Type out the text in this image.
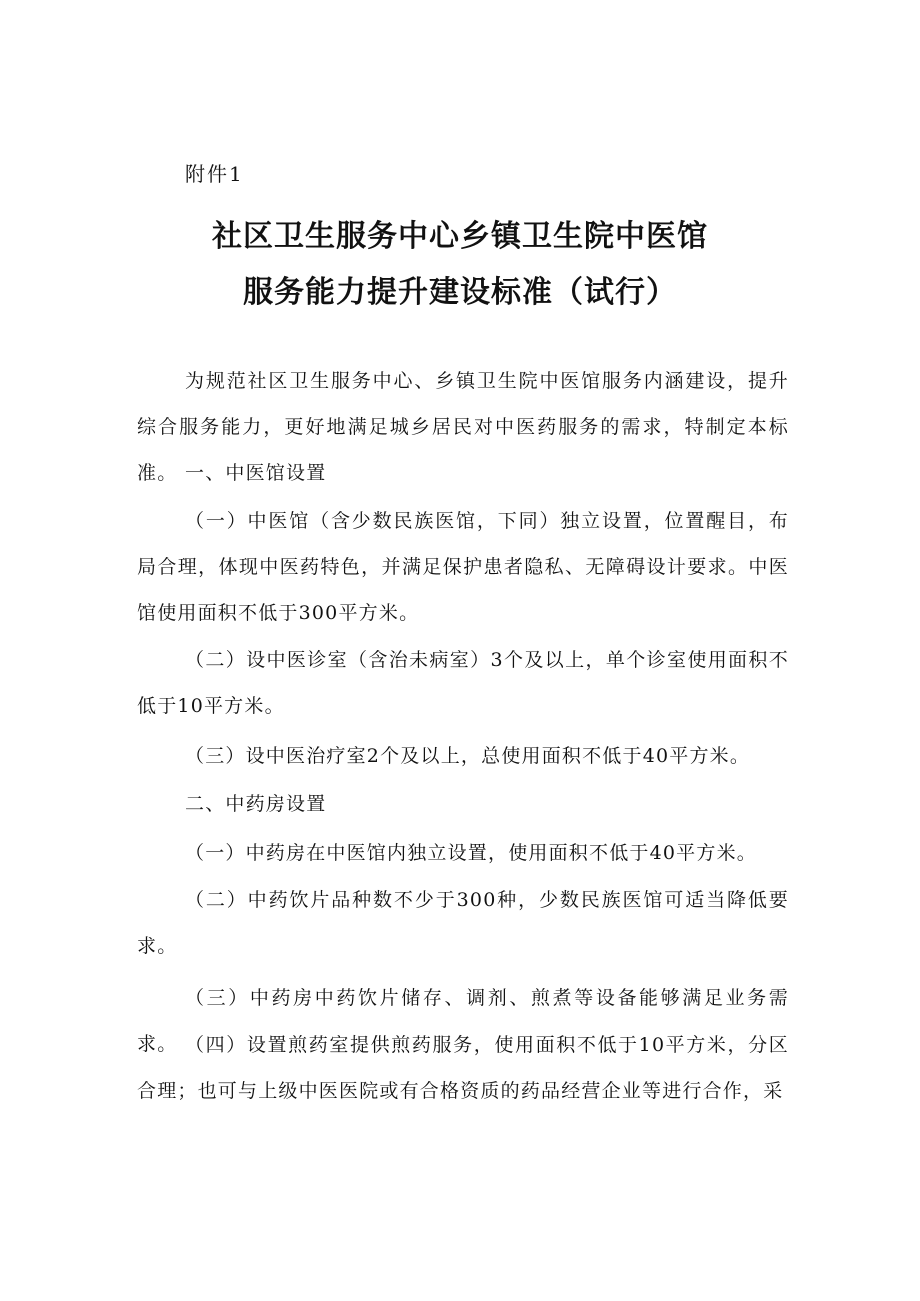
附件1
社区卫生服务中心乡镇卫生院中医馆
服务能力提升建设标准（试行）

为规范社区卫生服务中心、乡镇卫生院中医馆服务内涵建设，提升综合服务能力，更好地满足城乡居民对中医药服务的需求，特制定本标准。 一、中医馆设置

（一）中医馆（含少数民族医馆，下同）独立设置，位置醒目，布局合理，体现中医药特色，并满足保护患者隐私、无障碍设计要求。中医馆使用面积不低于300平方米。

（二）设中医诊室（含治未病室）3个及以上，单个诊室使用面积不低于10平方米。

（三）设中医治疗室2个及以上，总使用面积不低于40平方米。

二、中药房设置

（一）中药房在中医馆内独立设置，使用面积不低于40平方米。

（二）中药饮片品种数不少于300种，少数民族医馆可适当降低要求。

（三）中药房中药饮片储存、调剂、煎煮等设备能够满足业务需求。 （四）设置煎药室提供煎药服务，使用面积不低于10平方米，分区合理；也可与上级中医医院或有合格资质的药品经营企业等进行合作，采
